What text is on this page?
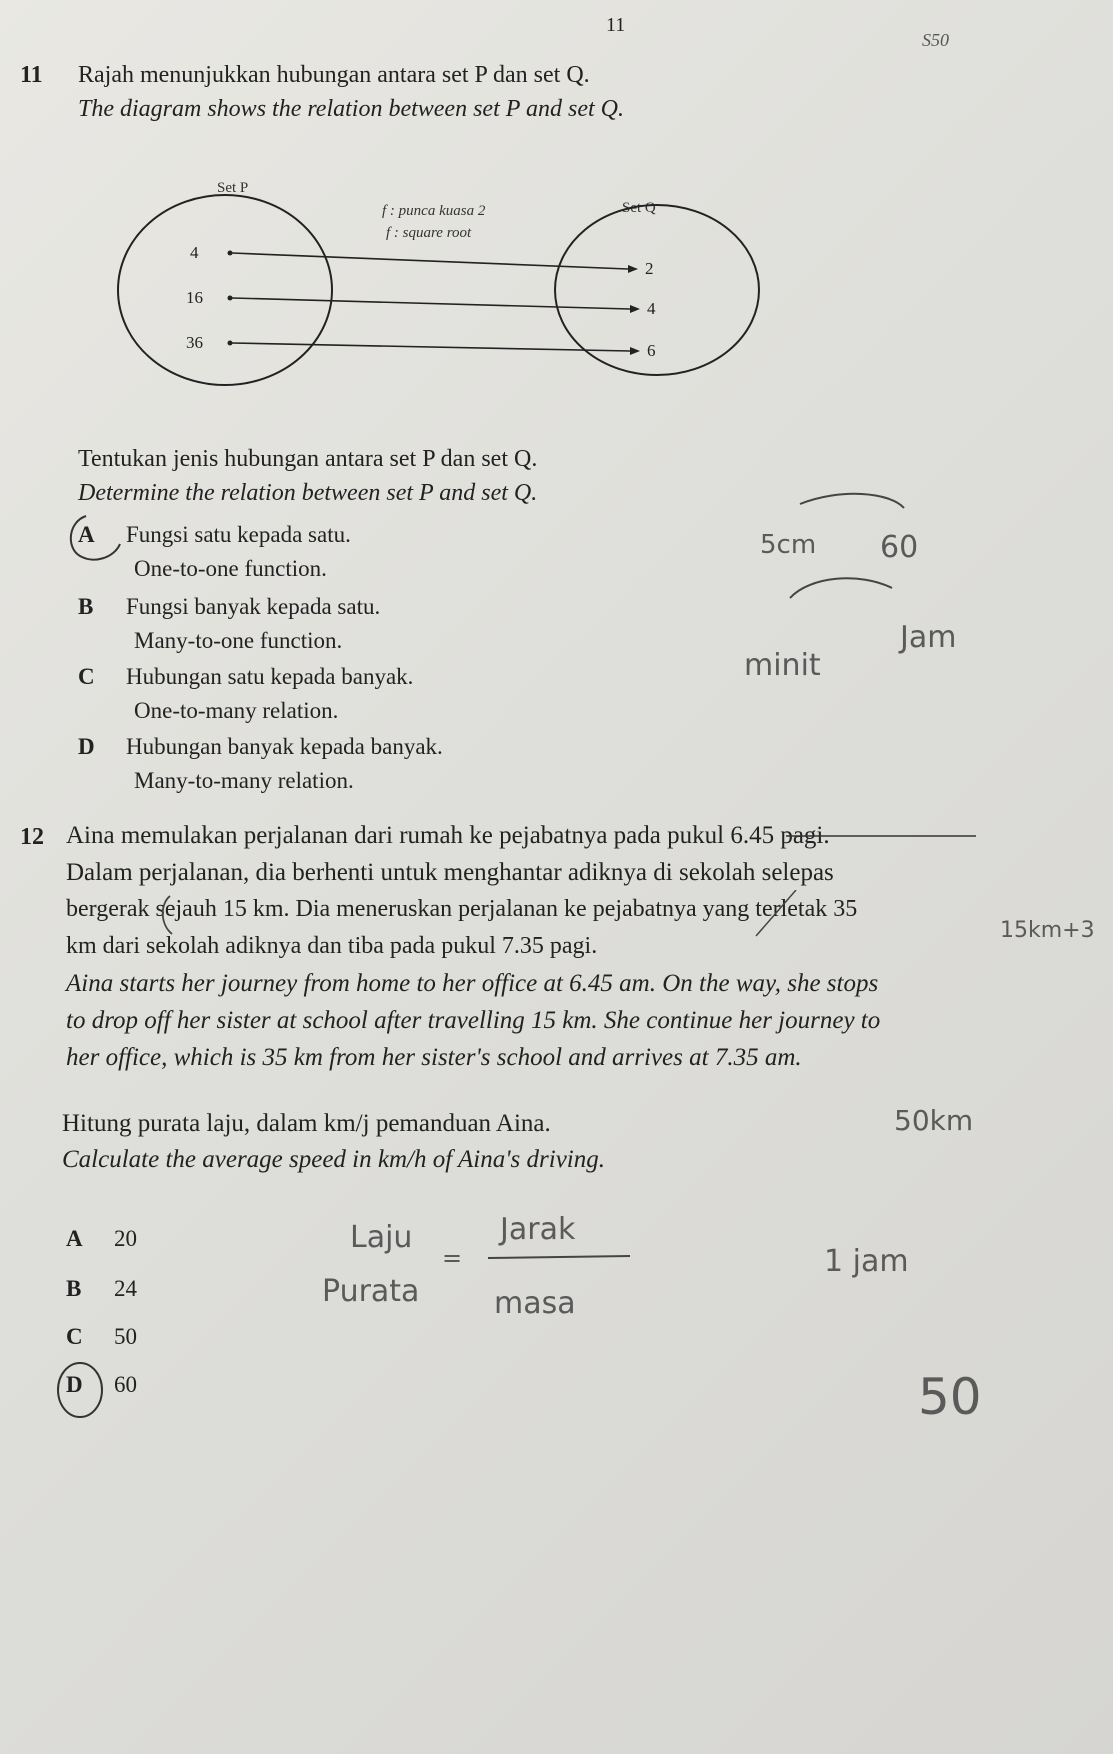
11
S50
11 Rajah menunjukkan hubungan antara set P dan set Q.
The diagram shows the relation between set P and set Q.
Set P
Set Q
f : punca kuasa 2
f : square root
4
16
36
2
4
6
Tentukan jenis hubungan antara set P dan set Q.
Determine the relation between set P and set Q.
A Fungsi satu kepada satu.
One-to-one function.
B Fungsi banyak kepada satu.
Many-to-one function.
C Hubungan satu kepada banyak.
One-to-many relation.
D Hubungan banyak kepada banyak.
Many-to-many relation.
5cm 60
minit
Jam
12 Aina memulakan perjalanan dari rumah ke pejabatnya pada pukul 6.45 pagi.
Dalam perjalanan, dia berhenti untuk menghantar adiknya di sekolah selepas
bergerak sejauh 15 km. Dia meneruskan perjalanan ke pejabatnya yang terletak 35
km dari sekolah adiknya dan tiba pada pukul 7.35 pagi.
Aina starts her journey from home to her office at 6.45 am. On the way, she stops
to drop off her sister at school after travelling 15 km. She continue her journey to
her office, which is 35 km from her sister's school and arrives at 7.35 am.
15km+3
50km
Hitung purata laju, dalam km/j pemanduan Aina.
Calculate the average speed in km/h of Aina's driving.
A 20
B 24
C 50
D 60
Laju
Purata
=
Jarak
masa
1 jam
50
